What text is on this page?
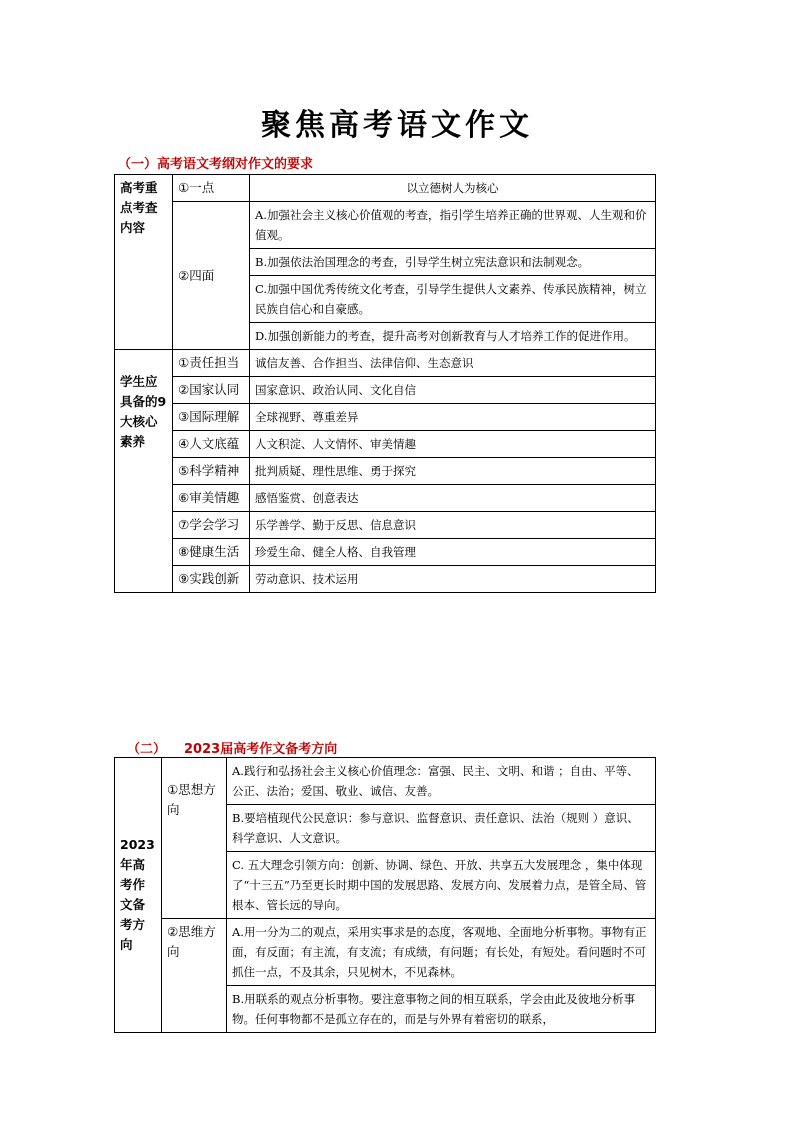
聚焦高考语文作文
（一）高考语文考纲对作文的要求
高考重点考查内容	①一点	以立德树人为核心
	②四面	A.加强社会主义核心价值观的考查，指引学生培养正确的世界观、人生观和价值观。
		B.加强依法治国理念的考查，引导学生树立宪法意识和法制观念。
		C.加强中国优秀传统文化考查，引导学生提供人文素养、传承民族精神，树立民族自信心和自豪感。
		D.加强创新能力的考查，提升高考对创新教育与人才培养工作的促进作用。
学生应具备的9大核心素养	①责任担当	诚信友善、合作担当、法律信仰、生态意识
	②国家认同	国家意识、政治认同、文化自信
	③国际理解	全球视野、尊重差异
	④人文底蕴	人文积淀、人文情怀、审美情趣
	⑤科学精神	批判质疑、理性思维、勇于探究
	⑥审美情趣	感悟鉴赏、创意表达
	⑦学会学习	乐学善学、勤于反思、信息意识
	⑧健康生活	珍爱生命、健全人格、自我管理
	⑨实践创新	劳动意识、技术运用
（二） 2023届高考作文备考方向
2023年高考作文备考方向	①思想方向	A.践行和弘扬社会主义核心价值理念：富强、民主、文明、和谐 ；自由、平等、公正、法治；爱国、敬业、诚信、友善。
		B.要培植现代公民意识：参与意识、监督意识、责任意识、法治（规则 ）意识、科学意识、人文意识。
		C. 五大理念引领方向：创新、协调、绿色、开放、共享五大发展理念 ，集中体现了“十三五”乃至更长时期中国的发展思路、发展方向、发展着力点，是管全局、管根本、管长远的导向。
	②思维方向	A.用一分为二的观点，采用实事求是的态度，客观地、全面地分析事物。事物有正面，有反面；有主流，有支流；有成绩，有问题；有长处，有短处。看问题时不可抓住一点，不及其余，只见树木，不见森林。
		B.用联系的观点分析事物。要注意事物之间的相互联系，学会由此及彼地分析事物。任何事物都不是孤立存在的，而是与外界有着密切的联系，
